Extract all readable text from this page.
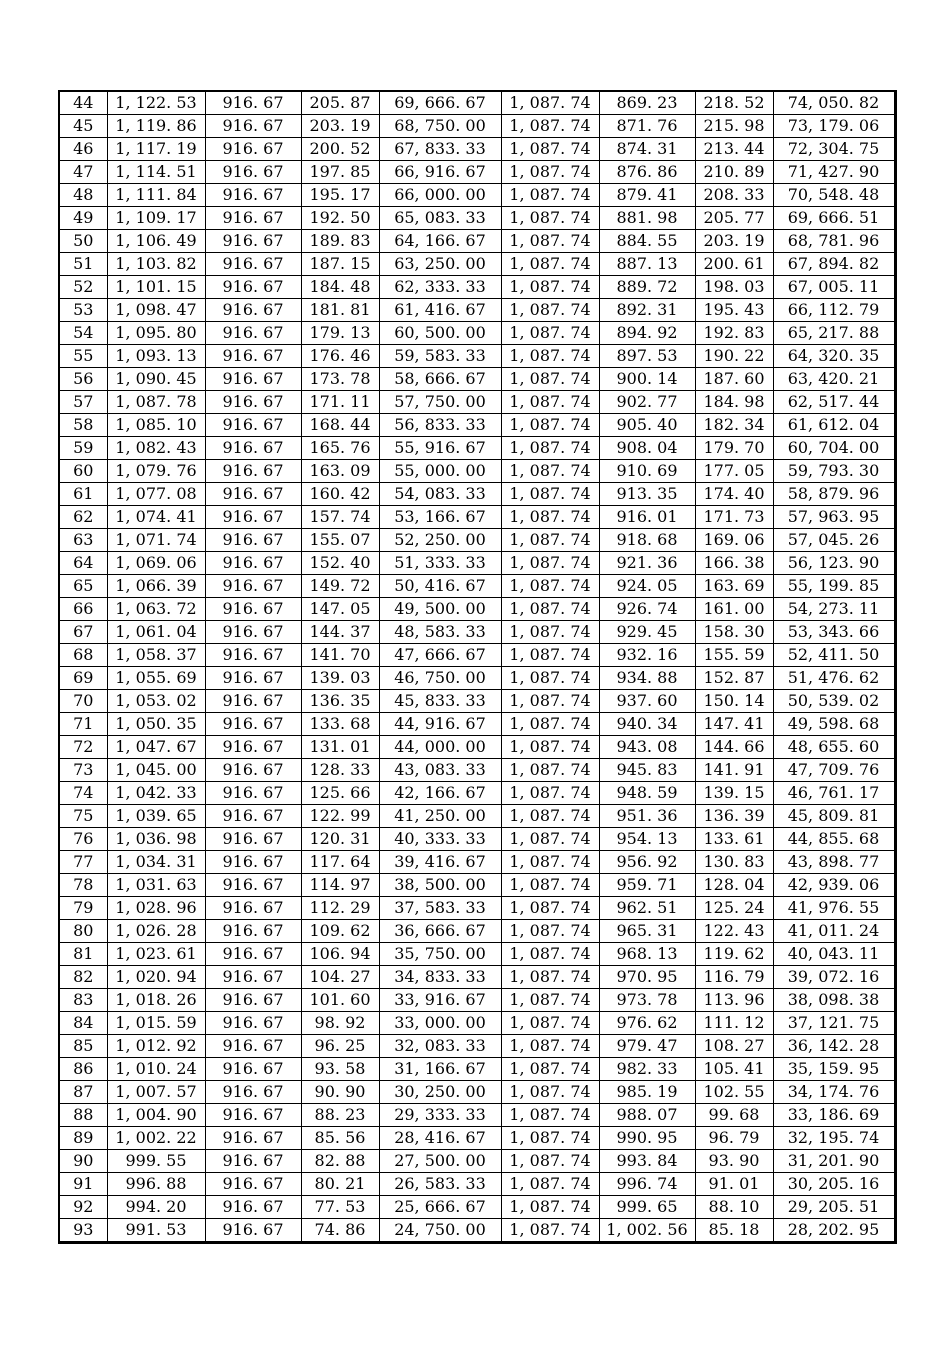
44	1, 122. 53	916. 67	205. 87	69, 666. 67	1, 087. 74	869. 23	218. 52	74, 050. 82
45	1, 119. 86	916. 67	203. 19	68, 750. 00	1, 087. 74	871. 76	215. 98	73, 179. 06
46	1, 117. 19	916. 67	200. 52	67, 833. 33	1, 087. 74	874. 31	213. 44	72, 304. 75
47	1, 114. 51	916. 67	197. 85	66, 916. 67	1, 087. 74	876. 86	210. 89	71, 427. 90
48	1, 111. 84	916. 67	195. 17	66, 000. 00	1, 087. 74	879. 41	208. 33	70, 548. 48
49	1, 109. 17	916. 67	192. 50	65, 083. 33	1, 087. 74	881. 98	205. 77	69, 666. 51
50	1, 106. 49	916. 67	189. 83	64, 166. 67	1, 087. 74	884. 55	203. 19	68, 781. 96
51	1, 103. 82	916. 67	187. 15	63, 250. 00	1, 087. 74	887. 13	200. 61	67, 894. 82
52	1, 101. 15	916. 67	184. 48	62, 333. 33	1, 087. 74	889. 72	198. 03	67, 005. 11
53	1, 098. 47	916. 67	181. 81	61, 416. 67	1, 087. 74	892. 31	195. 43	66, 112. 79
54	1, 095. 80	916. 67	179. 13	60, 500. 00	1, 087. 74	894. 92	192. 83	65, 217. 88
55	1, 093. 13	916. 67	176. 46	59, 583. 33	1, 087. 74	897. 53	190. 22	64, 320. 35
56	1, 090. 45	916. 67	173. 78	58, 666. 67	1, 087. 74	900. 14	187. 60	63, 420. 21
57	1, 087. 78	916. 67	171. 11	57, 750. 00	1, 087. 74	902. 77	184. 98	62, 517. 44
58	1, 085. 10	916. 67	168. 44	56, 833. 33	1, 087. 74	905. 40	182. 34	61, 612. 04
59	1, 082. 43	916. 67	165. 76	55, 916. 67	1, 087. 74	908. 04	179. 70	60, 704. 00
60	1, 079. 76	916. 67	163. 09	55, 000. 00	1, 087. 74	910. 69	177. 05	59, 793. 30
61	1, 077. 08	916. 67	160. 42	54, 083. 33	1, 087. 74	913. 35	174. 40	58, 879. 96
62	1, 074. 41	916. 67	157. 74	53, 166. 67	1, 087. 74	916. 01	171. 73	57, 963. 95
63	1, 071. 74	916. 67	155. 07	52, 250. 00	1, 087. 74	918. 68	169. 06	57, 045. 26
64	1, 069. 06	916. 67	152. 40	51, 333. 33	1, 087. 74	921. 36	166. 38	56, 123. 90
65	1, 066. 39	916. 67	149. 72	50, 416. 67	1, 087. 74	924. 05	163. 69	55, 199. 85
66	1, 063. 72	916. 67	147. 05	49, 500. 00	1, 087. 74	926. 74	161. 00	54, 273. 11
67	1, 061. 04	916. 67	144. 37	48, 583. 33	1, 087. 74	929. 45	158. 30	53, 343. 66
68	1, 058. 37	916. 67	141. 70	47, 666. 67	1, 087. 74	932. 16	155. 59	52, 411. 50
69	1, 055. 69	916. 67	139. 03	46, 750. 00	1, 087. 74	934. 88	152. 87	51, 476. 62
70	1, 053. 02	916. 67	136. 35	45, 833. 33	1, 087. 74	937. 60	150. 14	50, 539. 02
71	1, 050. 35	916. 67	133. 68	44, 916. 67	1, 087. 74	940. 34	147. 41	49, 598. 68
72	1, 047. 67	916. 67	131. 01	44, 000. 00	1, 087. 74	943. 08	144. 66	48, 655. 60
73	1, 045. 00	916. 67	128. 33	43, 083. 33	1, 087. 74	945. 83	141. 91	47, 709. 76
74	1, 042. 33	916. 67	125. 66	42, 166. 67	1, 087. 74	948. 59	139. 15	46, 761. 17
75	1, 039. 65	916. 67	122. 99	41, 250. 00	1, 087. 74	951. 36	136. 39	45, 809. 81
76	1, 036. 98	916. 67	120. 31	40, 333. 33	1, 087. 74	954. 13	133. 61	44, 855. 68
77	1, 034. 31	916. 67	117. 64	39, 416. 67	1, 087. 74	956. 92	130. 83	43, 898. 77
78	1, 031. 63	916. 67	114. 97	38, 500. 00	1, 087. 74	959. 71	128. 04	42, 939. 06
79	1, 028. 96	916. 67	112. 29	37, 583. 33	1, 087. 74	962. 51	125. 24	41, 976. 55
80	1, 026. 28	916. 67	109. 62	36, 666. 67	1, 087. 74	965. 31	122. 43	41, 011. 24
81	1, 023. 61	916. 67	106. 94	35, 750. 00	1, 087. 74	968. 13	119. 62	40, 043. 11
82	1, 020. 94	916. 67	104. 27	34, 833. 33	1, 087. 74	970. 95	116. 79	39, 072. 16
83	1, 018. 26	916. 67	101. 60	33, 916. 67	1, 087. 74	973. 78	113. 96	38, 098. 38
84	1, 015. 59	916. 67	98. 92	33, 000. 00	1, 087. 74	976. 62	111. 12	37, 121. 75
85	1, 012. 92	916. 67	96. 25	32, 083. 33	1, 087. 74	979. 47	108. 27	36, 142. 28
86	1, 010. 24	916. 67	93. 58	31, 166. 67	1, 087. 74	982. 33	105. 41	35, 159. 95
87	1, 007. 57	916. 67	90. 90	30, 250. 00	1, 087. 74	985. 19	102. 55	34, 174. 76
88	1, 004. 90	916. 67	88. 23	29, 333. 33	1, 087. 74	988. 07	99. 68	33, 186. 69
89	1, 002. 22	916. 67	85. 56	28, 416. 67	1, 087. 74	990. 95	96. 79	32, 195. 74
90	999. 55	916. 67	82. 88	27, 500. 00	1, 087. 74	993. 84	93. 90	31, 201. 90
91	996. 88	916. 67	80. 21	26, 583. 33	1, 087. 74	996. 74	91. 01	30, 205. 16
92	994. 20	916. 67	77. 53	25, 666. 67	1, 087. 74	999. 65	88. 10	29, 205. 51
93	991. 53	916. 67	74. 86	24, 750. 00	1, 087. 74	1, 002. 56	85. 18	28, 202. 95
